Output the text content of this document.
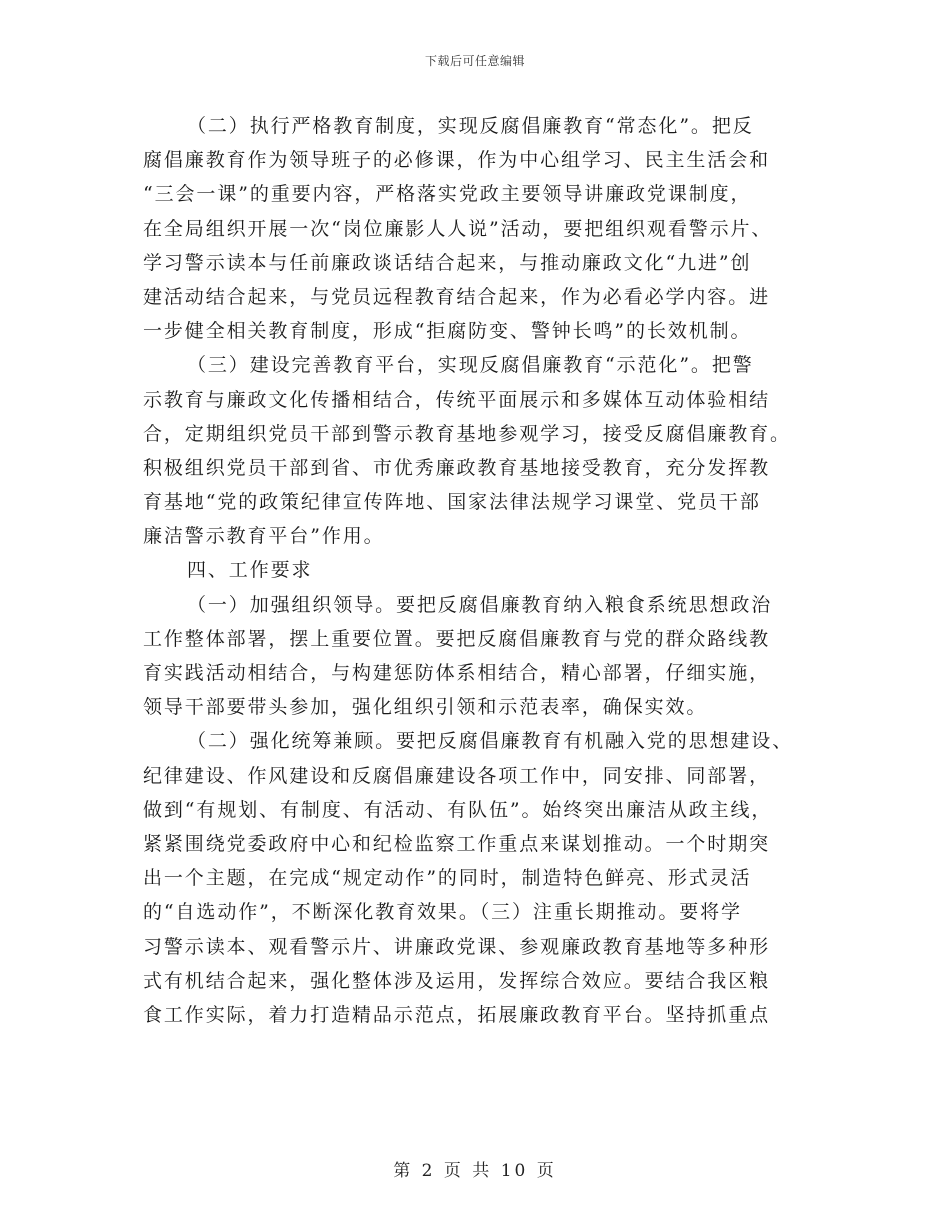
下载后可任意编辑
（二）执行严格教育制度，实现反腐倡廉教育“常态化”。把反
腐倡廉教育作为领导班子的必修课，作为中心组学习、民主生活会和
“三会一课”的重要内容，严格落实党政主要领导讲廉政党课制度，
在全局组织开展一次“岗位廉影人人说”活动，要把组织观看警示片、
学习警示读本与任前廉政谈话结合起来，与推动廉政文化“九进”创
建活动结合起来，与党员远程教育结合起来，作为必看必学内容。进
一步健全相关教育制度，形成“拒腐防变、警钟长鸣”的长效机制。
（三）建设完善教育平台，实现反腐倡廉教育“示范化”。把警
示教育与廉政文化传播相结合，传统平面展示和多媒体互动体验相结
合，定期组织党员干部到警示教育基地参观学习，接受反腐倡廉教育。
积极组织党员干部到省、市优秀廉政教育基地接受教育，充分发挥教
育基地“党的政策纪律宣传阵地、国家法律法规学习课堂、党员干部
廉洁警示教育平台”作用。
四、工作要求
（一）加强组织领导。要把反腐倡廉教育纳入粮食系统思想政治
工作整体部署，摆上重要位置。要把反腐倡廉教育与党的群众路线教
育实践活动相结合，与构建惩防体系相结合，精心部署，仔细实施，
领导干部要带头参加，强化组织引领和示范表率，确保实效。
（二）强化统筹兼顾。要把反腐倡廉教育有机融入党的思想建设、
纪律建设、作风建设和反腐倡廉建设各项工作中，同安排、同部署，
做到“有规划、有制度、有活动、有队伍”。始终突出廉洁从政主线，
紧紧围绕党委政府中心和纪检监察工作重点来谋划推动。一个时期突
出一个主题，在完成“规定动作”的同时，制造特色鲜亮、形式灵活
的“自选动作”，不断深化教育效果。（三）注重长期推动。要将学
习警示读本、观看警示片、讲廉政党课、参观廉政教育基地等多种形
式有机结合起来，强化整体涉及运用，发挥综合效应。要结合我区粮
食工作实际，着力打造精品示范点，拓展廉政教育平台。坚持抓重点
第 2 页 共 10 页
